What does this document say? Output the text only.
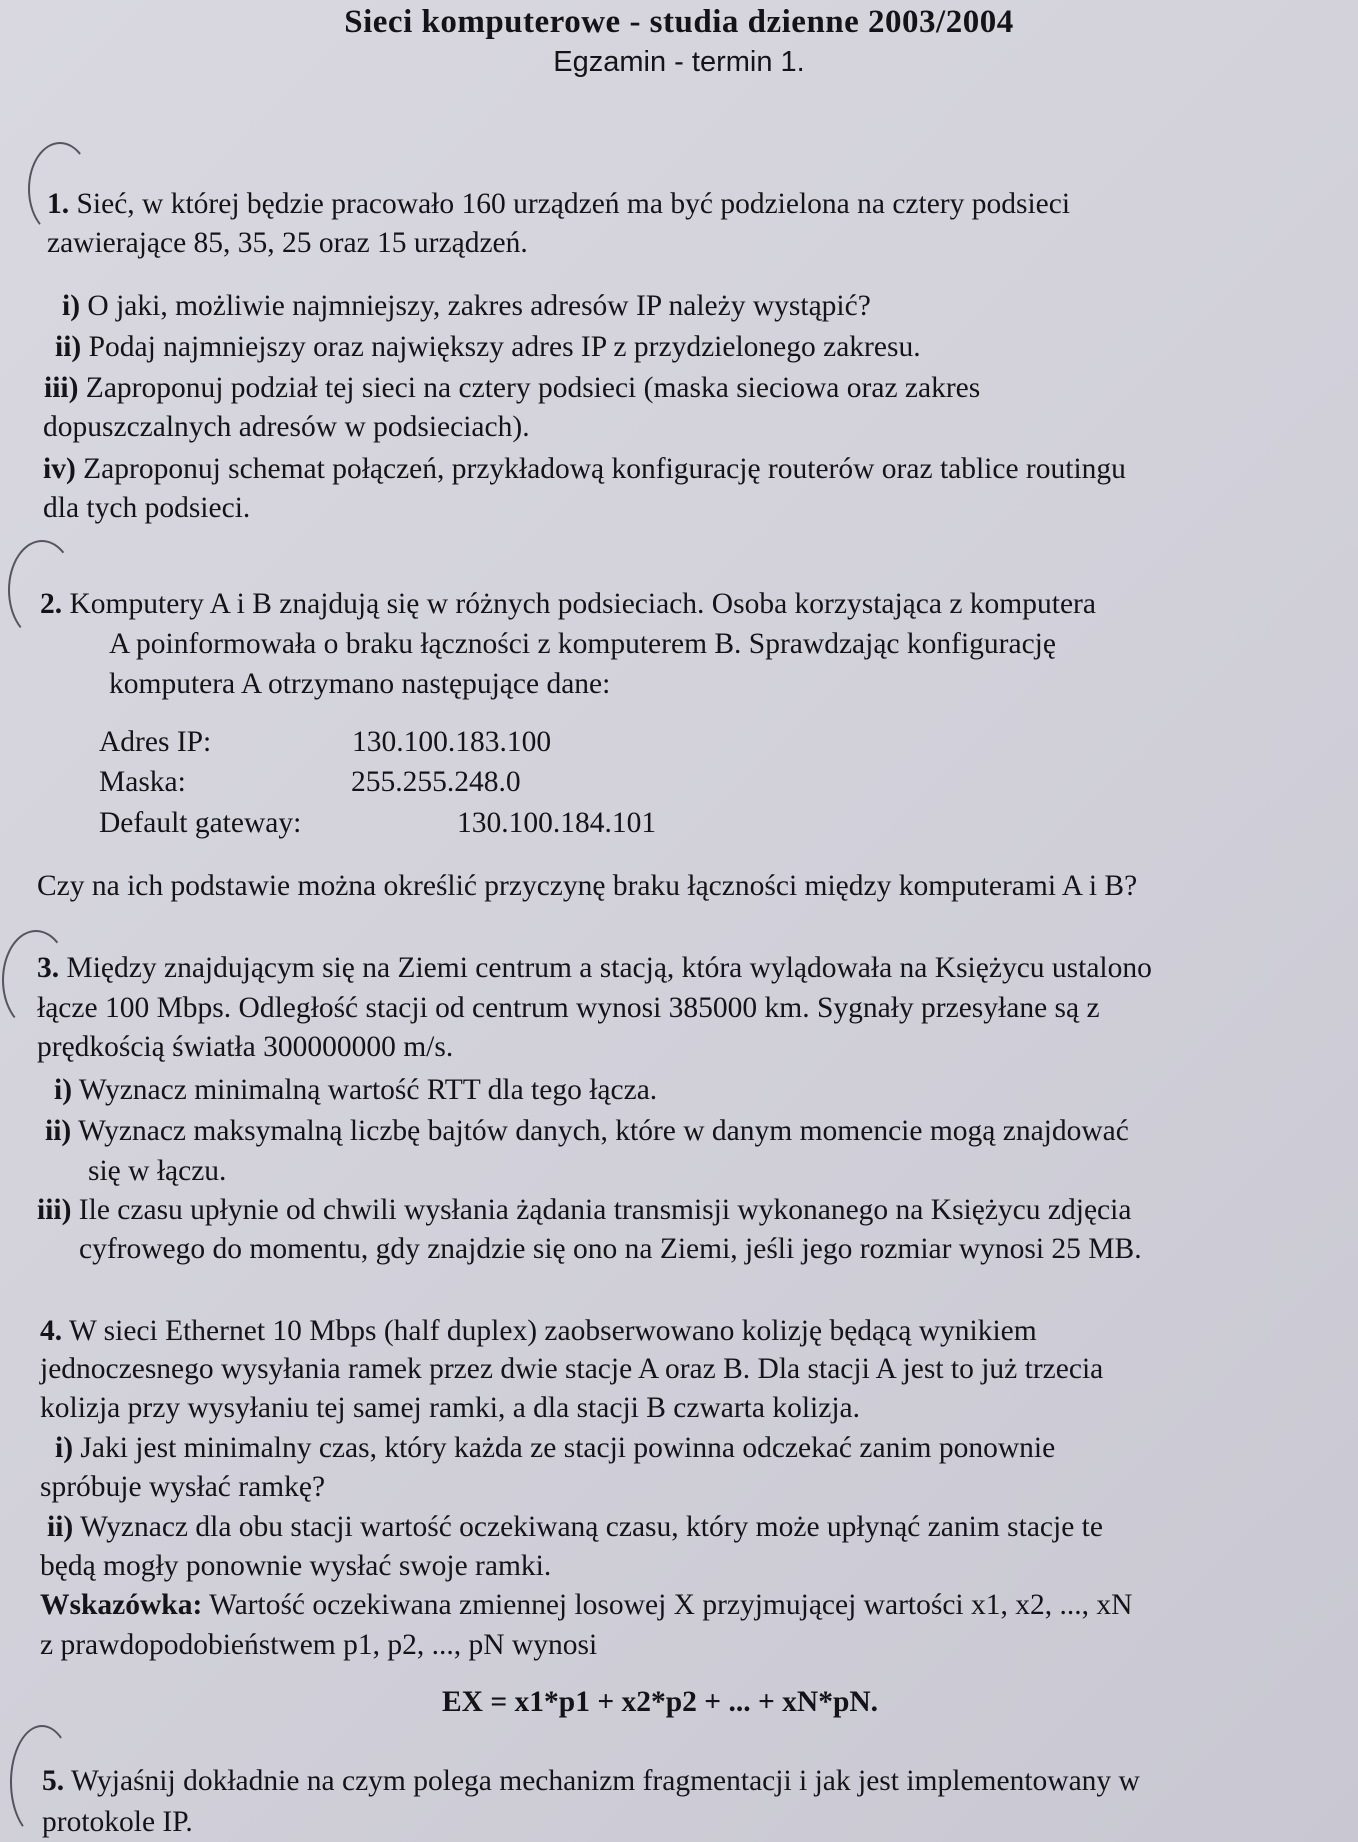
Sieci komputerowe - studia dzienne 2003/2004
Egzamin - termin 1.
1. Sieć, w której będzie pracowało 160 urządzeń ma być podzielona na cztery podsieci
zawierające 85, 35, 25 oraz 15 urządzeń.
i) O jaki, możliwie najmniejszy, zakres adresów IP należy wystąpić?
ii) Podaj najmniejszy oraz największy adres IP z przydzielonego zakresu.
iii) Zaproponuj podział tej sieci na cztery podsieci (maska sieciowa oraz zakres
dopuszczalnych adresów w podsieciach).
iv) Zaproponuj schemat połączeń, przykładową konfigurację routerów oraz tablice routingu
dla tych podsieci.
2. Komputery A i B znajdują się w różnych podsieciach. Osoba korzystająca z komputera
A poinformowała o braku łączności z komputerem B. Sprawdzając konfigurację
komputera A otrzymano następujące dane:
Adres IP:	130.100.183.100
Maska:	255.255.248.0
Default gateway:	130.100.184.101
Czy na ich podstawie można określić przyczynę braku łączności między komputerami A i B?
3. Między znajdującym się na Ziemi centrum a stacją, która wylądowała na Księżycu ustalono
łącze 100 Mbps. Odległość stacji od centrum wynosi 385000 km. Sygnały przesyłane są z
prędkością światła 300000000 m/s.
i) Wyznacz minimalną wartość RTT dla tego łącza.
ii) Wyznacz maksymalną liczbę bajtów danych, które w danym momencie mogą znajdować
się w łączu.
iii) Ile czasu upłynie od chwili wysłania żądania transmisji wykonanego na Księżycu zdjęcia
cyfrowego do momentu, gdy znajdzie się ono na Ziemi, jeśli jego rozmiar wynosi 25 MB.
4. W sieci Ethernet 10 Mbps (half duplex) zaobserwowano kolizję będącą wynikiem
jednoczesnego wysyłania ramek przez dwie stacje A oraz B. Dla stacji A jest to już trzecia
kolizja przy wysyłaniu tej samej ramki, a dla stacji B czwarta kolizja.
i) Jaki jest minimalny czas, który każda ze stacji powinna odczekać zanim ponownie
spróbuje wysłać ramkę?
ii) Wyznacz dla obu stacji wartość oczekiwaną czasu, który może upłynąć zanim stacje te
będą mogły ponownie wysłać swoje ramki.
Wskazówka: Wartość oczekiwana zmiennej losowej X przyjmującej wartości x1, x2, ..., xN
z prawdopodobieństwem p1, p2, ..., pN wynosi
EX = x1*p1 + x2*p2 + ... + xN*pN.
5. Wyjaśnij dokładnie na czym polega mechanizm fragmentacji i jak jest implementowany w
protokole IP.
